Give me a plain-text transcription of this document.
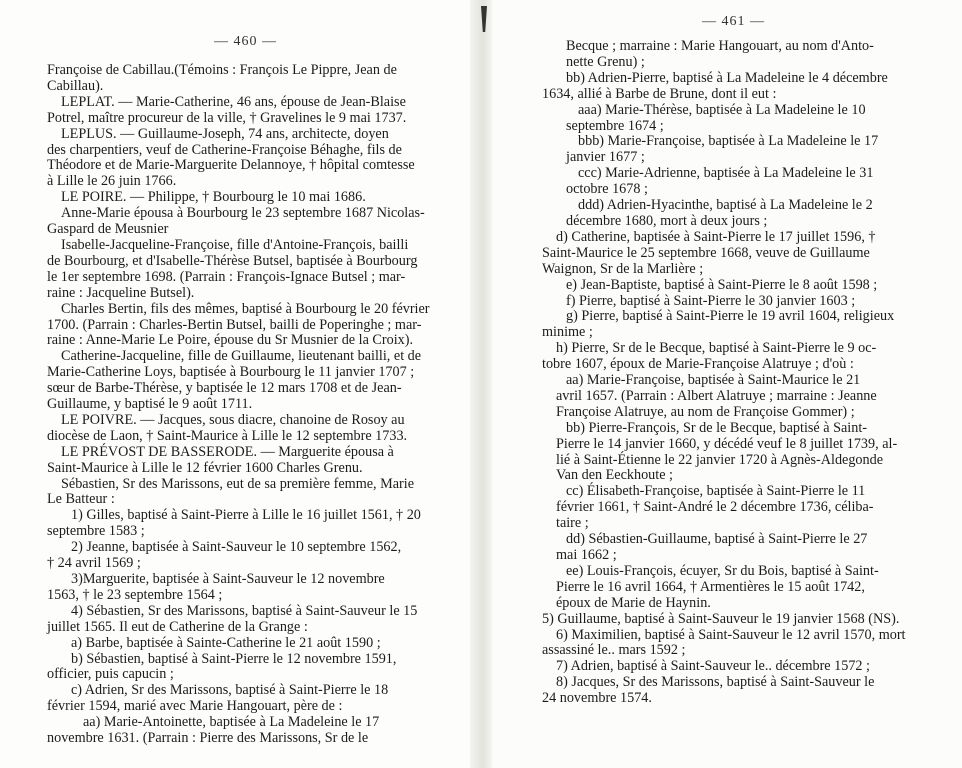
— 460 —
Françoise de Cabillau.(Témoins : François Le Pippre, Jean de
Cabillau).
LEPLAT. — Marie-Catherine, 46 ans, épouse de Jean-Blaise
Potrel, maître procureur de la ville, † Gravelines le 9 mai 1737.
LEPLUS. — Guillaume-Joseph, 74 ans, architecte, doyen
des charpentiers, veuf de Catherine-Françoise Béhaghe, fils de
Théodore et de Marie-Marguerite Delannoye, † hôpital comtesse
à Lille le 26 juin 1766.
LE POIRE. — Philippe, † Bourbourg le 10 mai 1686.
Anne-Marie épousa à Bourbourg le 23 septembre 1687 Nicolas-
Gaspard de Meusnier
Isabelle-Jacqueline-Françoise, fille d'Antoine-François, bailli
de Bourbourg, et d'Isabelle-Thérèse Butsel, baptisée à Bourbourg
le 1er septembre 1698. (Parrain : François-Ignace Butsel ; mar-
raine : Jacqueline Butsel).
Charles Bertin, fils des mêmes, baptisé à Bourbourg le 20 février
1700. (Parrain : Charles-Bertin Butsel, bailli de Poperinghe ; mar-
raine : Anne-Marie Le Poire, épouse du Sr Musnier de la Croix).
Catherine-Jacqueline, fille de Guillaume, lieutenant bailli, et de
Marie-Catherine Loys, baptisée à Bourbourg le 11 janvier 1707 ;
sœur de Barbe-Thérèse, y baptisée le 12 mars 1708 et de Jean-
Guillaume, y baptisé le 9 août 1711.
LE POIVRE. — Jacques, sous diacre, chanoine de Rosoy au
diocèse de Laon, † Saint-Maurice à Lille le 12 septembre 1733.
LE PRÉVOST DE BASSERODE. — Marguerite épousa à
Saint-Maurice à Lille le 12 février 1600 Charles Grenu.
Sébastien, Sr des Marissons, eut de sa première femme, Marie
Le Batteur :
1) Gilles, baptisé à Saint-Pierre à Lille le 16 juillet 1561, † 20
septembre 1583 ;
2) Jeanne, baptisée à Saint-Sauveur le 10 septembre 1562,
† 24 avril 1569 ;
3)Marguerite, baptisée à Saint-Sauveur le 12 novembre
1563, † le 23 septembre 1564 ;
4) Sébastien, Sr des Marissons, baptisé à Saint-Sauveur le 15
juillet 1565. Il eut de Catherine de la Grange :
a) Barbe, baptisée à Sainte-Catherine le 21 août 1590 ;
b) Sébastien, baptisé à Saint-Pierre le 12 novembre 1591,
officier, puis capucin ;
c) Adrien, Sr des Marissons, baptisé à Saint-Pierre le 18
février 1594, marié avec Marie Hangouart, père de :
aa) Marie-Antoinette, baptisée à La Madeleine le 17
novembre 1631. (Parrain : Pierre des Marissons, Sr de le
— 461 —
Becque ; marraine : Marie Hangouart, au nom d'Anto-
nette Grenu) ;
bb) Adrien-Pierre, baptisé à La Madeleine le 4 décembre
1634, allié à Barbe de Brune, dont il eut :
aaa) Marie-Thérèse, baptisée à La Madeleine le 10
septembre 1674 ;
bbb) Marie-Françoise, baptisée à La Madeleine le 17
janvier 1677 ;
ccc) Marie-Adrienne, baptisée à La Madeleine le 31
octobre 1678 ;
ddd) Adrien-Hyacinthe, baptisé à La Madeleine le 2
décembre 1680, mort à deux jours ;
d) Catherine, baptisée à Saint-Pierre le 17 juillet 1596, †
Saint-Maurice le 25 septembre 1668, veuve de Guillaume
Waignon, Sr de la Marlière ;
e) Jean-Baptiste, baptisé à Saint-Pierre le 8 août 1598 ;
f) Pierre, baptisé à Saint-Pierre le 30 janvier 1603 ;
g) Pierre, baptisé à Saint-Pierre le 19 avril 1604, religieux
minime ;
h) Pierre, Sr de le Becque, baptisé à Saint-Pierre le 9 oc-
tobre 1607, époux de Marie-Françoise Alatruye ; d'où :
aa) Marie-Françoise, baptisée à Saint-Maurice le 21
avril 1657. (Parrain : Albert Alatruye ; marraine : Jeanne
Françoise Alatruye, au nom de Françoise Gommer) ;
bb) Pierre-François, Sr de le Becque, baptisé à Saint-
Pierre le 14 janvier 1660, y décédé veuf le 8 juillet 1739, al-
lié à Saint-Étienne le 22 janvier 1720 à Agnès-Aldegonde
Van den Eeckhoute ;
cc) Élisabeth-Françoise, baptisée à Saint-Pierre le 11
février 1661, † Saint-André le 2 décembre 1736, céliba-
taire ;
dd) Sébastien-Guillaume, baptisé à Saint-Pierre le 27
mai 1662 ;
ee) Louis-François, écuyer, Sr du Bois, baptisé à Saint-
Pierre le 16 avril 1664, † Armentières le 15 août 1742,
époux de Marie de Haynin.
5) Guillaume, baptisé à Saint-Sauveur le 19 janvier 1568 (NS).
6) Maximilien, baptisé à Saint-Sauveur le 12 avril 1570, mort
assassiné le.. mars 1592 ;
7) Adrien, baptisé à Saint-Sauveur le.. décembre 1572 ;
8) Jacques, Sr des Marissons, baptisé à Saint-Sauveur le
24 novembre 1574.
